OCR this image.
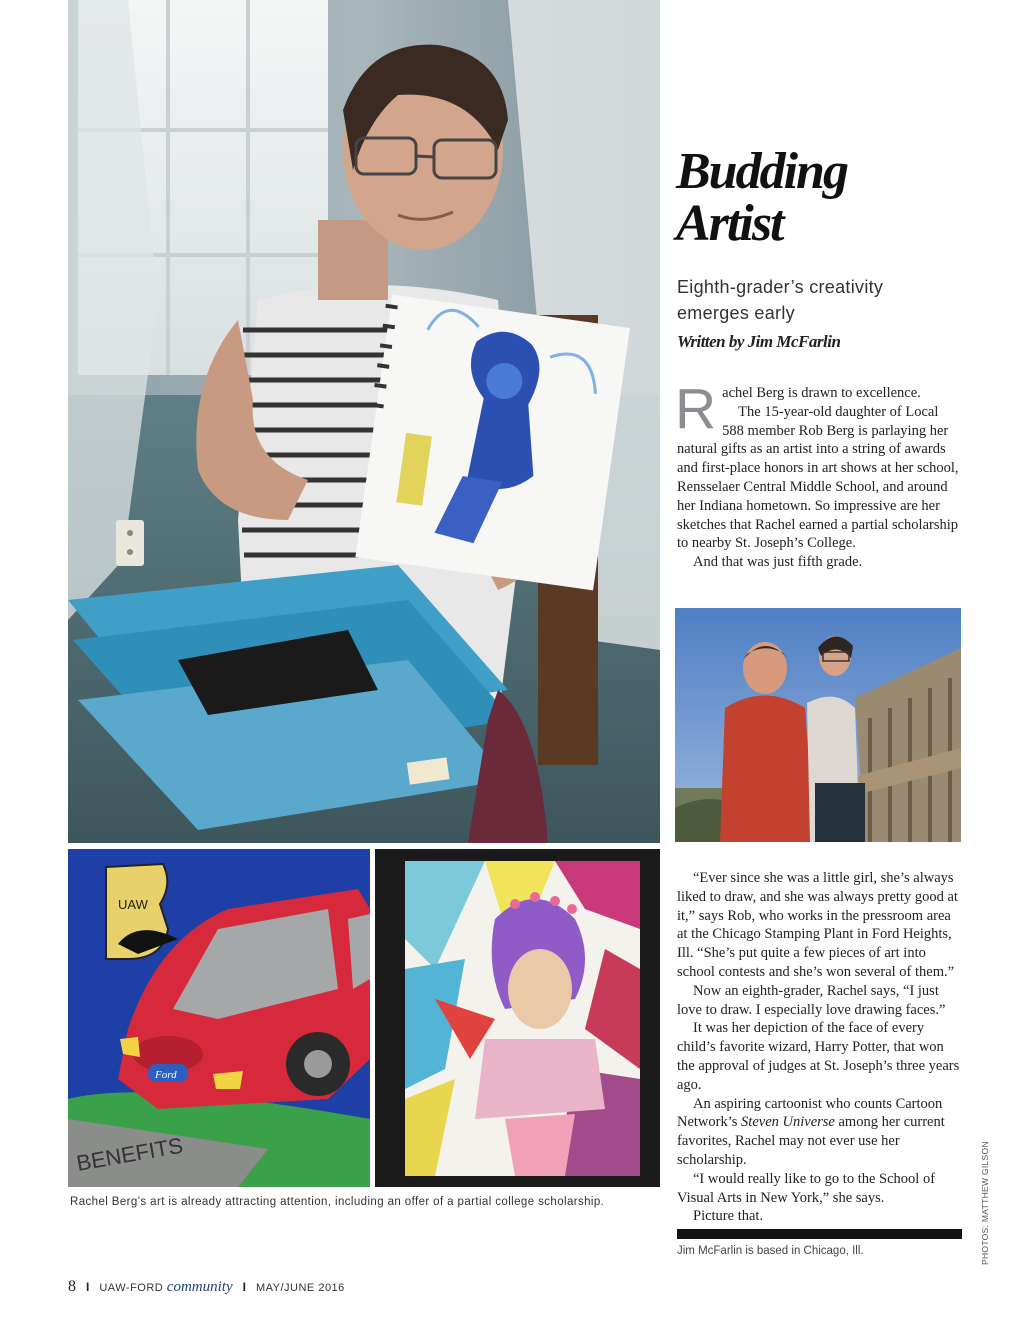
Budding
Artist
Eighth-grader’s creativity emerges early
Written by Jim McFarlin

Rachel Berg is drawn to excellence.

The 15-year-old daughter of Local 588 member Rob Berg is parlaying her natural gifts as an artist into a string of awards and first-place honors in art shows at her school, Rensselaer Central Middle School, and around her Indiana hometown. So impressive are her sketches that Rachel earned a partial scholarship to nearby St. Joseph’s College.

And that was just fifth grade.

BENEFITS
UAW
Ford
Rachel Berg’s art is already attracting attention, including an offer of a partial college scholarship.

“Ever since she was a little girl, she’s always liked to draw, and she was always pretty good at it,” says Rob, who works in the pressroom area at the Chicago Stamping Plant in Ford Heights, Ill. “She’s put quite a few pieces of art into school contests and she’s won several of them.”

Now an eighth-grader, Rachel says, “I just love to draw. I especially love drawing faces.”

It was her depiction of the face of every child’s favorite wizard, Harry Potter, that won the approval of judges at St. Joseph’s three years ago.

An aspiring cartoonist who counts Cartoon Network’s Steven Universe among her current favorites, Rachel may not ever use her scholarship.

“I would really like to go to the School of Visual Arts in New York,” she says.

Picture that.

Jim McFarlin is based in Chicago, Ill.	PHOTOS: MATTHEW GILSON
8 I UAW-FORD community I MAY/JUNE 2016
